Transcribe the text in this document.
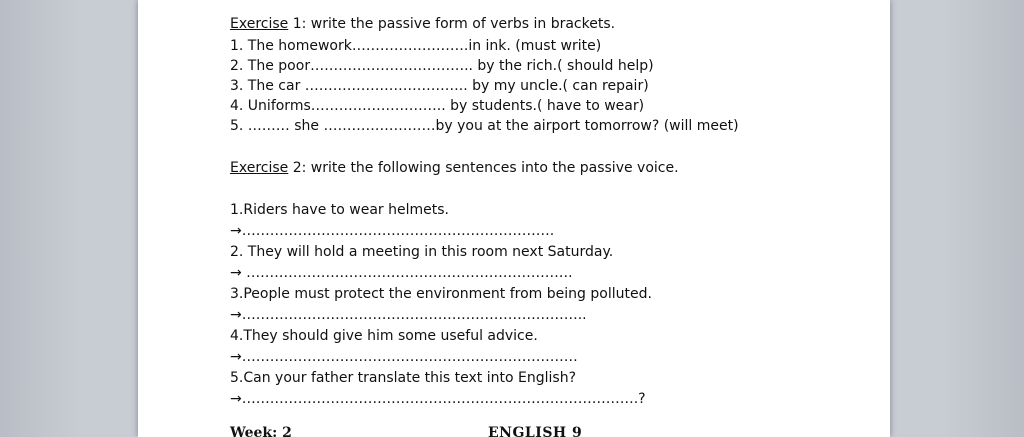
Exercise 1: write the passive form of verbs in brackets.
1. The homework…………………….in ink. (must write)
2. The poor…………………………….. by the rich.( should help)
3. The car …………………………….. by my uncle.( can repair)
4. Uniforms……………………….. by students.( have to wear)
5. ……… she ……………………by you at the airport tomorrow? (will meet)
Exercise 2: write the following sentences into the passive voice.
1.Riders have to wear helmets.
→………………………………………………………….
2. They will hold a meeting in this room next Saturday.
→ …………………………………………………………….
3.People must protect the environment from being polluted.
→………………………………………………………………..
4.They should give him some useful advice.
→………………………………………………………………
5.Can your father translate this text into English?
→………………………………………………………………………….?
Week: 2	ENGLISH 9
